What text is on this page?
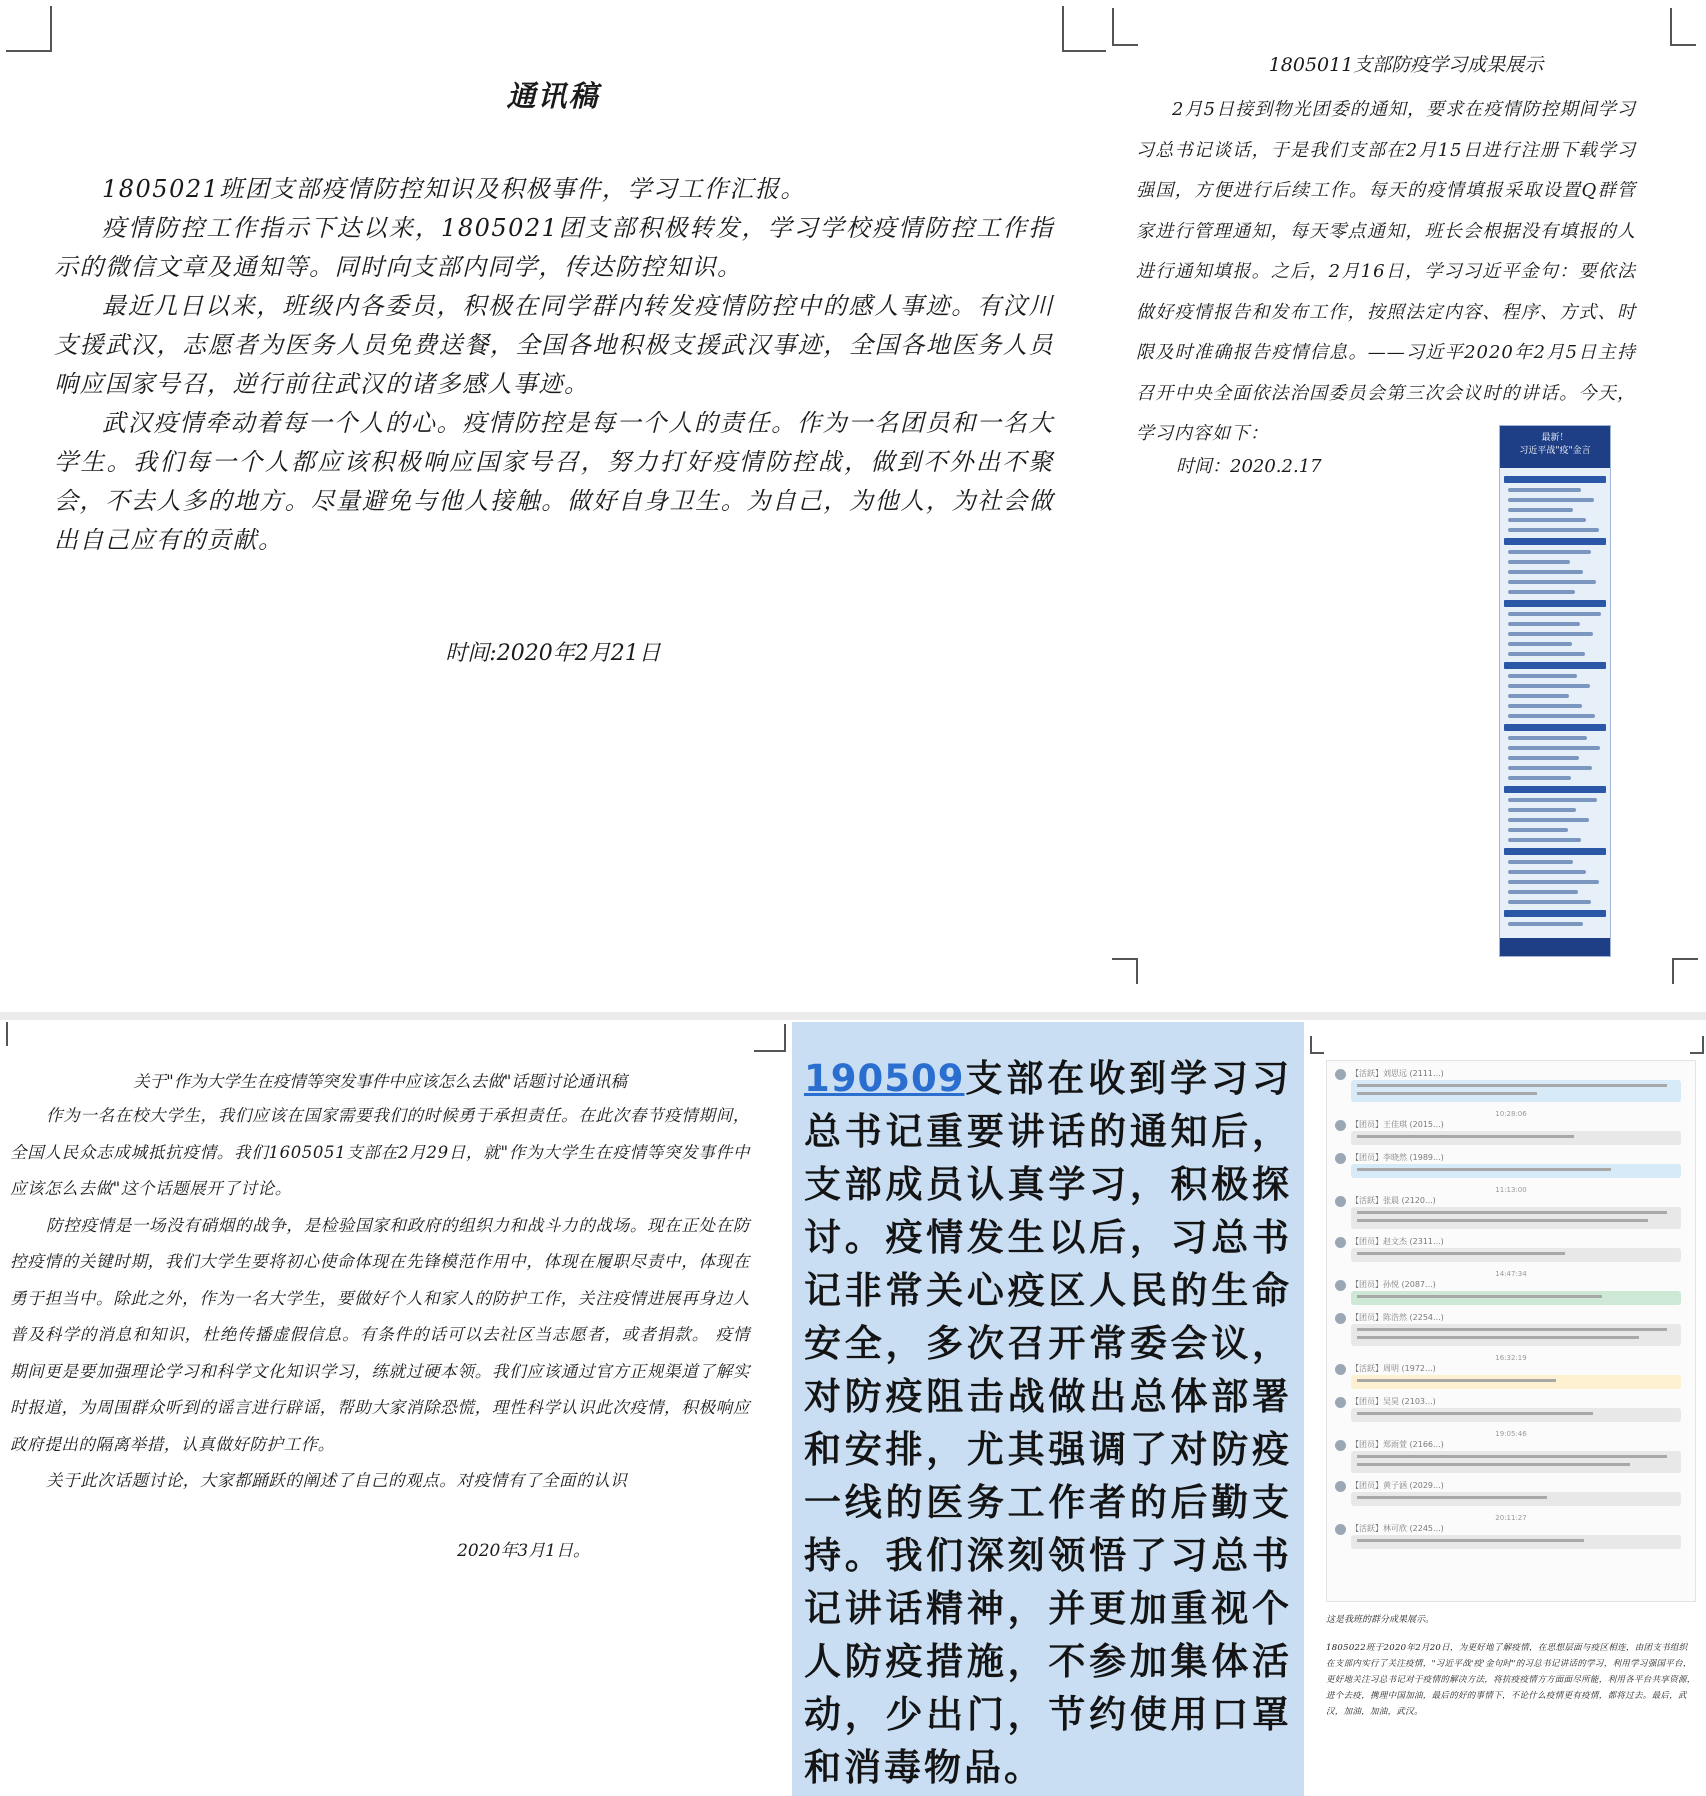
通讯稿

1805021班团支部疫情防控知识及积极事件，学习工作汇报。

疫情防控工作指示下达以来，1805021团支部积极转发，学习学校疫情防控工作指示的微信文章及通知等。同时向支部内同学，传达防控知识。

最近几日以来，班级内各委员，积极在同学群内转发疫情防控中的感人事迹。有汶川支援武汉，志愿者为医务人员免费送餐，全国各地积极支援武汉事迹，全国各地医务人员响应国家号召，逆行前往武汉的诸多感人事迹。

武汉疫情牵动着每一个人的心。疫情防控是每一个人的责任。作为一名团员和一名大学生。我们每一个人都应该积极响应国家号召，努力打好疫情防控战，做到不外出不聚会，不去人多的地方。尽量避免与他人接触。做好自身卫生。为自己，为他人，为社会做出自己应有的贡献。

时间:2020年2月21日
1805011支部防疫学习成果展示

2月5日接到物光团委的通知，要求在疫情防控期间学习习总书记谈话，于是我们支部在2月15日进行注册下载学习强国，方便进行后续工作。每天的疫情填报采取设置Q群管家进行管理通知，每天零点通知，班长会根据没有填报的人进行通知填报。之后，2月16日，学习习近平金句：要依法做好疫情报告和发布工作，按照法定内容、程序、方式、时限及时准确报告疫情信息。——习近平2020年2月5日主持召开中央全面依法治国委员会第三次会议时的讲话。今天，学习内容如下：

时间：2020.2.17
最新！
习近平战"疫"金言
关于"作为大学生在疫情等突发事件中应该怎么去做"话题讨论通讯稿

作为一名在校大学生，我们应该在国家需要我们的时候勇于承担责任。在此次春节疫情期间，全国人民众志成城抵抗疫情。我们1605051支部在2月29日，就"作为大学生在疫情等突发事件中应该怎么去做"这个话题展开了讨论。

防控疫情是一场没有硝烟的战争，是检验国家和政府的组织力和战斗力的战场。现在正处在防控疫情的关键时期，我们大学生要将初心使命体现在先锋模范作用中，体现在履职尽责中，体现在勇于担当中。除此之外，作为一名大学生，要做好个人和家人的防护工作，关注疫情进展再身边人普及科学的消息和知识，杜绝传播虚假信息。有条件的话可以去社区当志愿者，或者捐款。 疫情期间更是要加强理论学习和科学文化知识学习，练就过硬本领。我们应该通过官方正规渠道了解实时报道，为周围群众听到的谣言进行辟谣，帮助大家消除恐慌，理性科学认识此次疫情，积极响应政府提出的隔离举措，认真做好防护工作。

关于此次话题讨论，大家都踊跃的阐述了自己的观点。对疫情有了全面的认识

2020年3月1日。
190509支部在收到学习习总书记重要讲话的通知后，支部成员认真学习，积极探讨。疫情发生以后，习总书记非常关心疫区人民的生命安全，多次召开常委会议，对防疫阻击战做出总体部署和安排，尤其强调了对防疫一线的医务工作者的后勤支持。我们深刻领悟了习总书记讲话精神，并更加重视个人防疫措施，不参加集体活动，少出门，节约使用口罩和消毒物品。
【活跃】刘思远 (2111...)
10:28:06
【团员】王佳琪 (2015...)
【团员】李晓然 (1989...)
11:13:00
【活跃】张晨 (2120...)
【团员】赵文杰 (2311...)
14:47:34
【团员】孙悦 (2087...)
【团员】陈浩然 (2254...)
16:32:19
【活跃】周明 (1972...)
【团员】吴昊 (2103...)
19:05:46
【团员】郑雨萱 (2166...)
【团员】黄子涵 (2029...)
20:11:27
【活跃】林可欣 (2245...)
这是我班的群分成果展示。
1805022班于2020年2月20日，为更好地了解疫情，在思想层面与疫区相连，由团支书组织在支部内实行了关注疫情，"习近平战'疫'金句时"的习总书记讲话的学习，利用学习强国平台，更好地关注习总书记对于疫情的解决方法，将抗疫疫情方方面面尽所能，利用各平台共享资源，进个去疫，携理中国加油，最后的好的事情下，不论什么疫情更有疫情，都将过去。最后，武汉，加油，加油，武汉。
